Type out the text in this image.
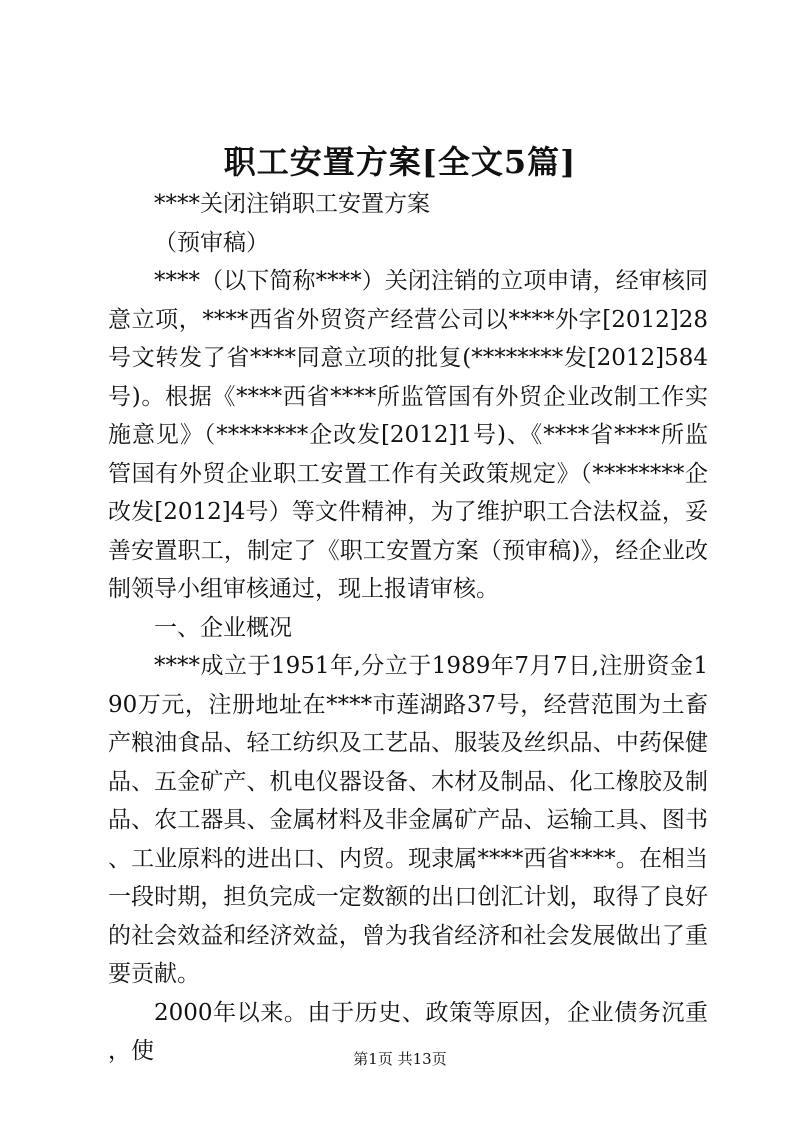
职工安置方案[全文5篇]

****关闭注销职工安置方案

（预审稿）

****（以下简称****）关闭注销的立项申请，经审核同意立项，****西省外贸资产经营公司以****外字[2012]28号文转发了省****同意立项的批复(********发[2012]584号)。根据《****西省****所监管国有外贸企业改制工作实施意见》（********企改发[2012]1号)、《****省****所监管国有外贸企业职工安置工作有关政策规定》（********企改发[2012]4号）等文件精神，为了维护职工合法权益，妥善安置职工，制定了《职工安置方案（预审稿)》，经企业改制领导小组审核通过，现上报请审核。

一、企业概况

****成立于1951年,分立于1989年7月7日,注册资金190万元，注册地址在****市莲湖路37号，经营范围为土畜产粮油食品、轻工纺织及工艺品、服装及丝织品、中药保健品、五金矿产、机电仪器设备、木材及制品、化工橡胶及制品、农工器具、金属材料及非金属矿产品、运输工具、图书、工业原料的进出口、内贸。现隶属****西省****。在相当一段时期，担负完成一定数额的出口创汇计划，取得了良好的社会效益和经济效益，曾为我省经济和社会发展做出了重要贡献。

2000年以来。由于历史、政策等原因，企业债务沉重，使	第1页 共13页
